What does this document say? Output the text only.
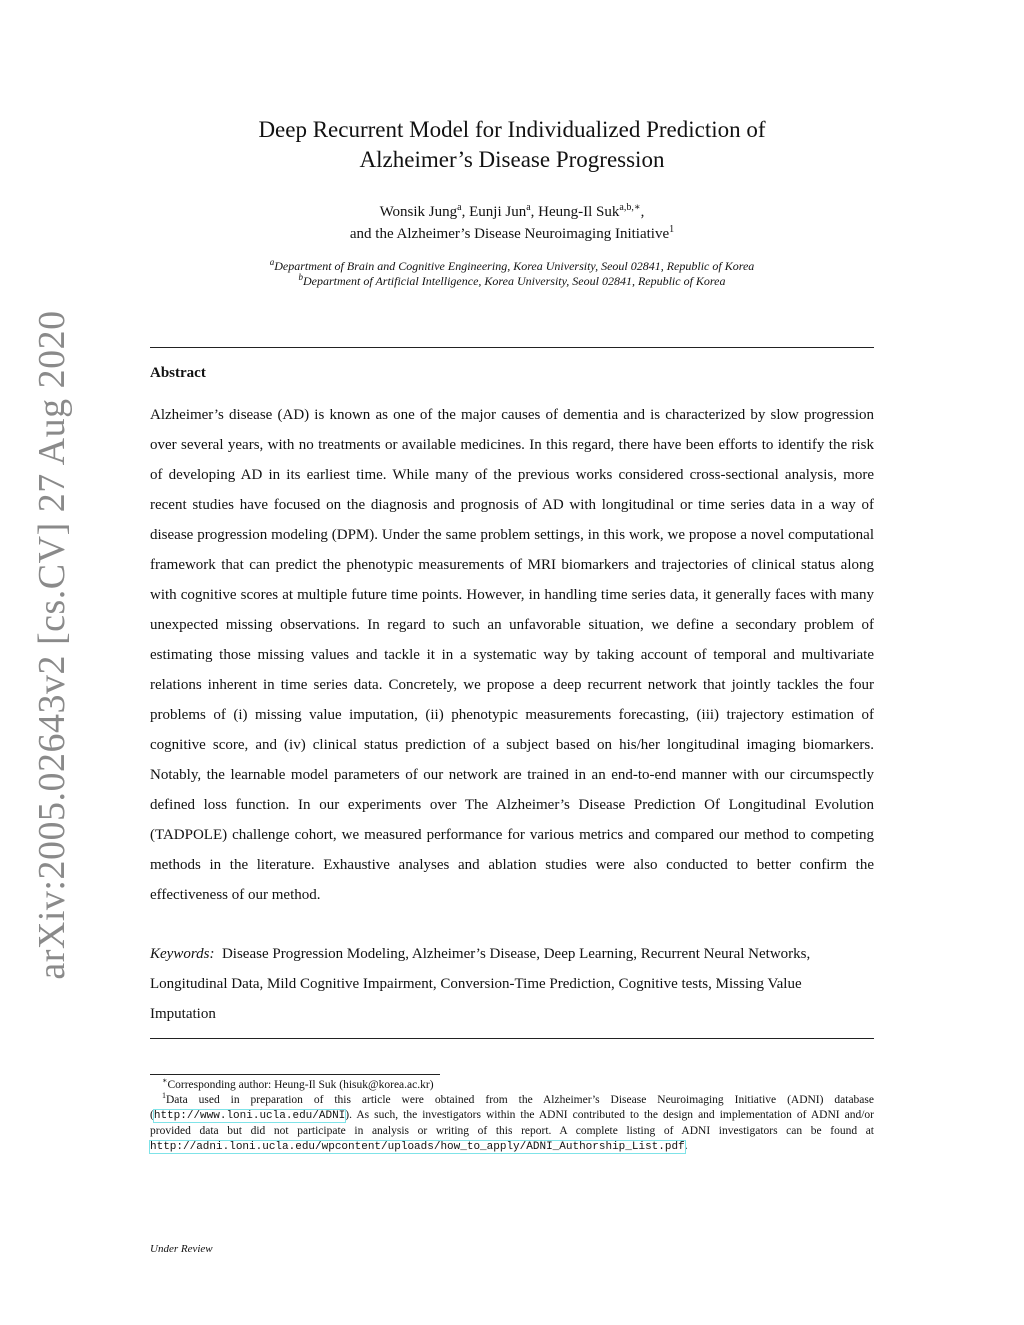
arXiv:2005.02643v2 [cs.CV] 27 Aug 2020
Deep Recurrent Model for Individualized Prediction of
Alzheimer’s Disease Progression
Wonsik Jung$^a$, Eunji Jun$^a$, Heung-Il Suk$^{a,b,∗}$,
and the Alzheimer’s Disease Neuroimaging Initiative$^1$
$^a$Department of Brain and Cognitive Engineering, Korea University, Seoul 02841, Republic of Korea
$^b$Department of Artificial Intelligence, Korea University, Seoul 02841, Republic of Korea
Abstract

Alzheimer’s disease (AD) is known as one of the major causes of dementia and is characterized by slow progression over several years, with no treatments or available medicines. In this regard, there have been efforts to identify the risk of developing AD in its earliest time. While many of the previous works considered cross-sectional analysis, more recent studies have focused on the diagnosis and prognosis of AD with longitudinal or time series data in a way of disease progression modeling (DPM). Under the same problem settings, in this work, we propose a novel computational framework that can predict the phenotypic measurements of MRI biomarkers and trajectories of clinical status along with cognitive scores at multiple future time points. However, in handling time series data, it generally faces with many unexpected missing observations. In regard to such an unfavorable situation, we define a secondary problem of estimating those missing values and tackle it in a systematic way by taking account of temporal and multivariate relations inherent in time series data. Concretely, we propose a deep recurrent network that jointly tackles the four problems of (i) missing value imputation, (ii) phenotypic measurements forecasting, (iii) trajectory estimation of cognitive score, and (iv) clinical status prediction of a subject based on his/her longitudinal imaging biomarkers. Notably, the learnable model parameters of our network are trained in an end-to-end manner with our circumspectly defined loss function. In our experiments over The Alzheimer’s Disease Prediction Of Longitudinal Evolution (TADPOLE) challenge cohort, we measured performance for various metrics and compared our method to competing methods in the literature. Exhaustive analyses and ablation studies were also conducted to better confirm the effectiveness of our method.

Keywords: Disease Progression Modeling, Alzheimer’s Disease, Deep Learning, Recurrent Neural Networks, Longitudinal Data, Mild Cognitive Impairment, Conversion-Time Prediction, Cognitive tests, Missing Value Imputation

∗Corresponding author: Heung-Il Suk (hisuk@korea.ac.kr)

$^1$Data used in preparation of this article were obtained from the Alzheimer’s Disease Neuroimaging Initiative (ADNI) database (http://www.loni.ucla.edu/ADNI). As such, the investigators within the ADNI contributed to the design and implementation of ADNI and/or provided data but did not participate in analysis or writing of this report. A complete listing of ADNI investigators can be found at http://adni.loni.ucla.edu/wpcontent/uploads/how_to_apply/ADNI_Authorship_List.pdf.

Under Review
